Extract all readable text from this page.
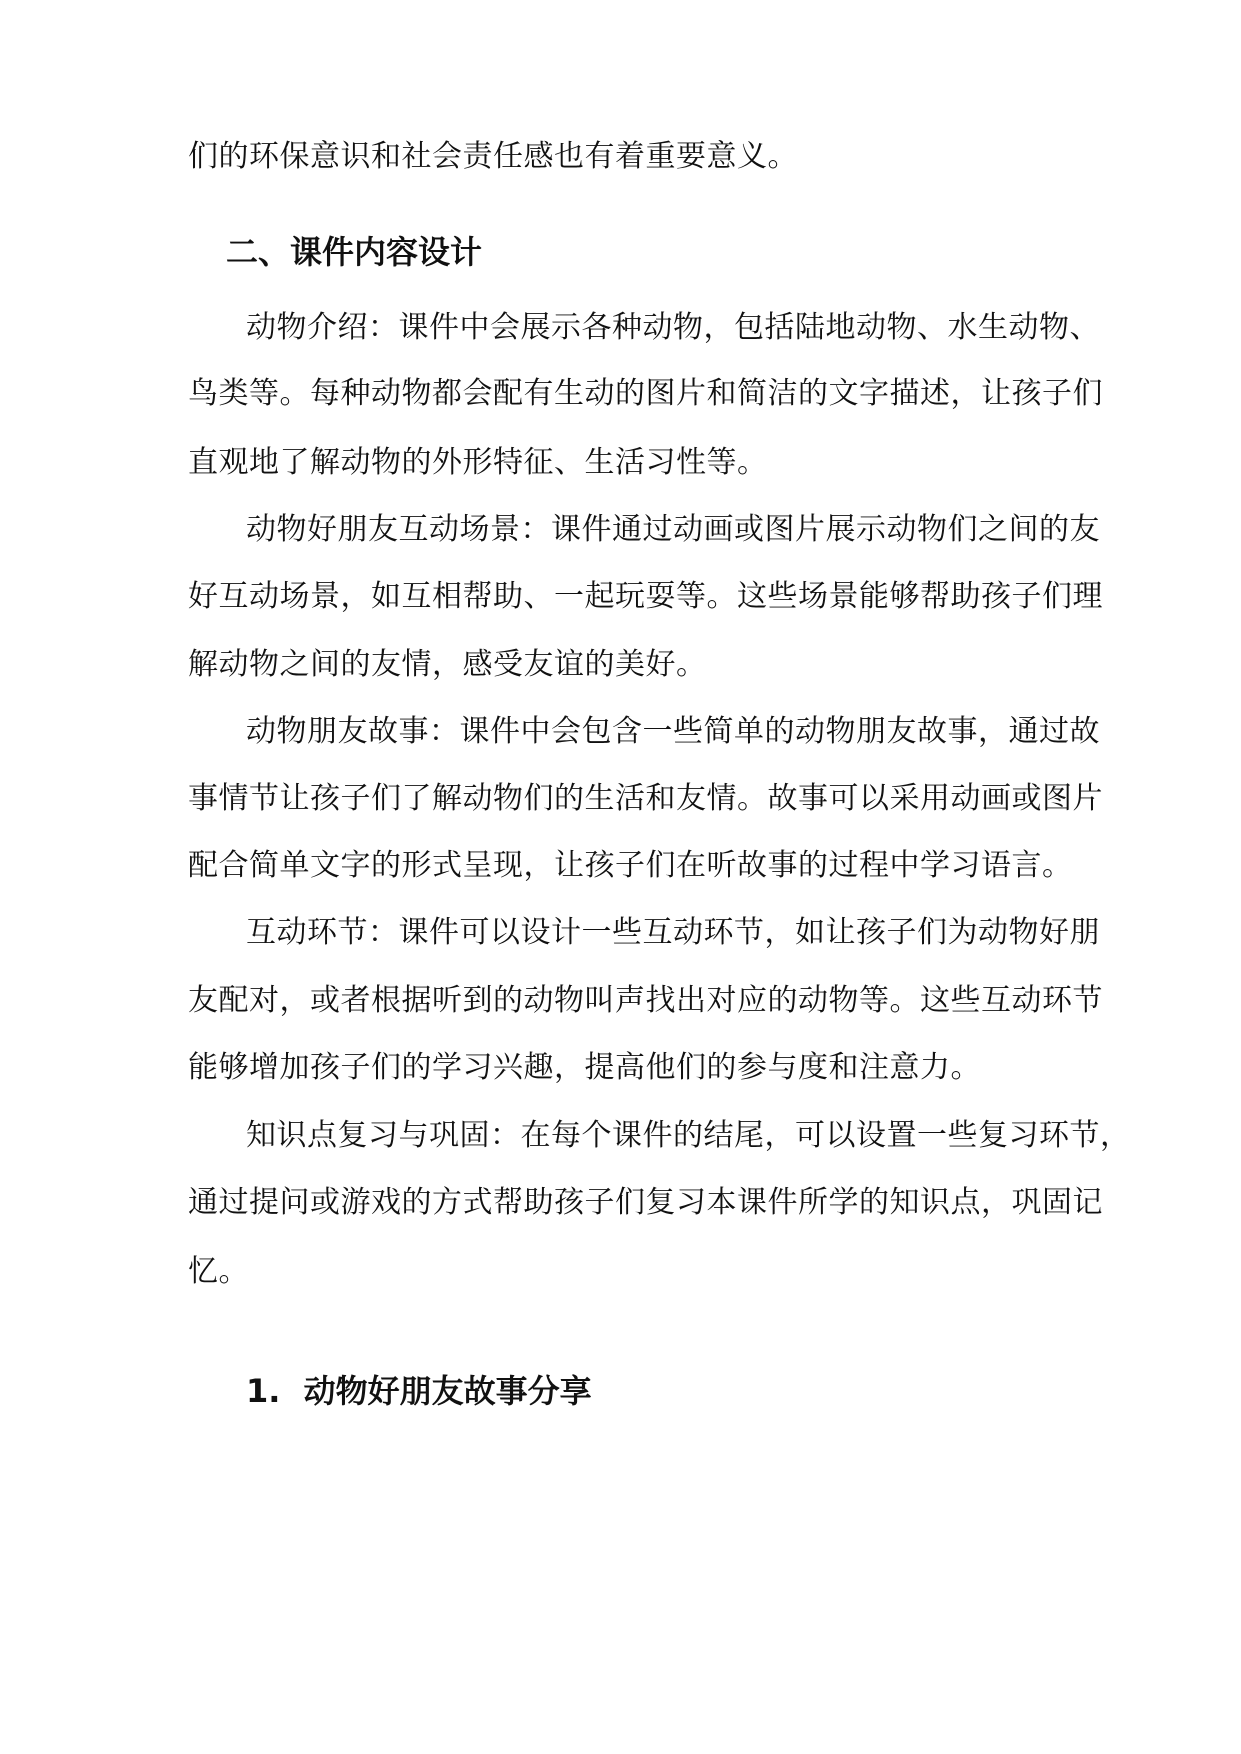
们的环保意识和社会责任感也有着重要意义。
二、课件内容设计
动物介绍：课件中会展示各种动物，包括陆地动物、水生动物、
鸟类等。每种动物都会配有生动的图片和简洁的文字描述，让孩子们
直观地了解动物的外形特征、生活习性等。
动物好朋友互动场景：课件通过动画或图片展示动物们之间的友
好互动场景，如互相帮助、一起玩耍等。这些场景能够帮助孩子们理
解动物之间的友情，感受友谊的美好。
动物朋友故事：课件中会包含一些简单的动物朋友故事，通过故
事情节让孩子们了解动物们的生活和友情。故事可以采用动画或图片
配合简单文字的形式呈现，让孩子们在听故事的过程中学习语言。
互动环节：课件可以设计一些互动环节，如让孩子们为动物好朋
友配对，或者根据听到的动物叫声找出对应的动物等。这些互动环节
能够增加孩子们的学习兴趣，提高他们的参与度和注意力。
知识点复习与巩固：在每个课件的结尾，可以设置一些复习环节，
通过提问或游戏的方式帮助孩子们复习本课件所学的知识点，巩固记
忆。
1. 动物好朋友故事分享
